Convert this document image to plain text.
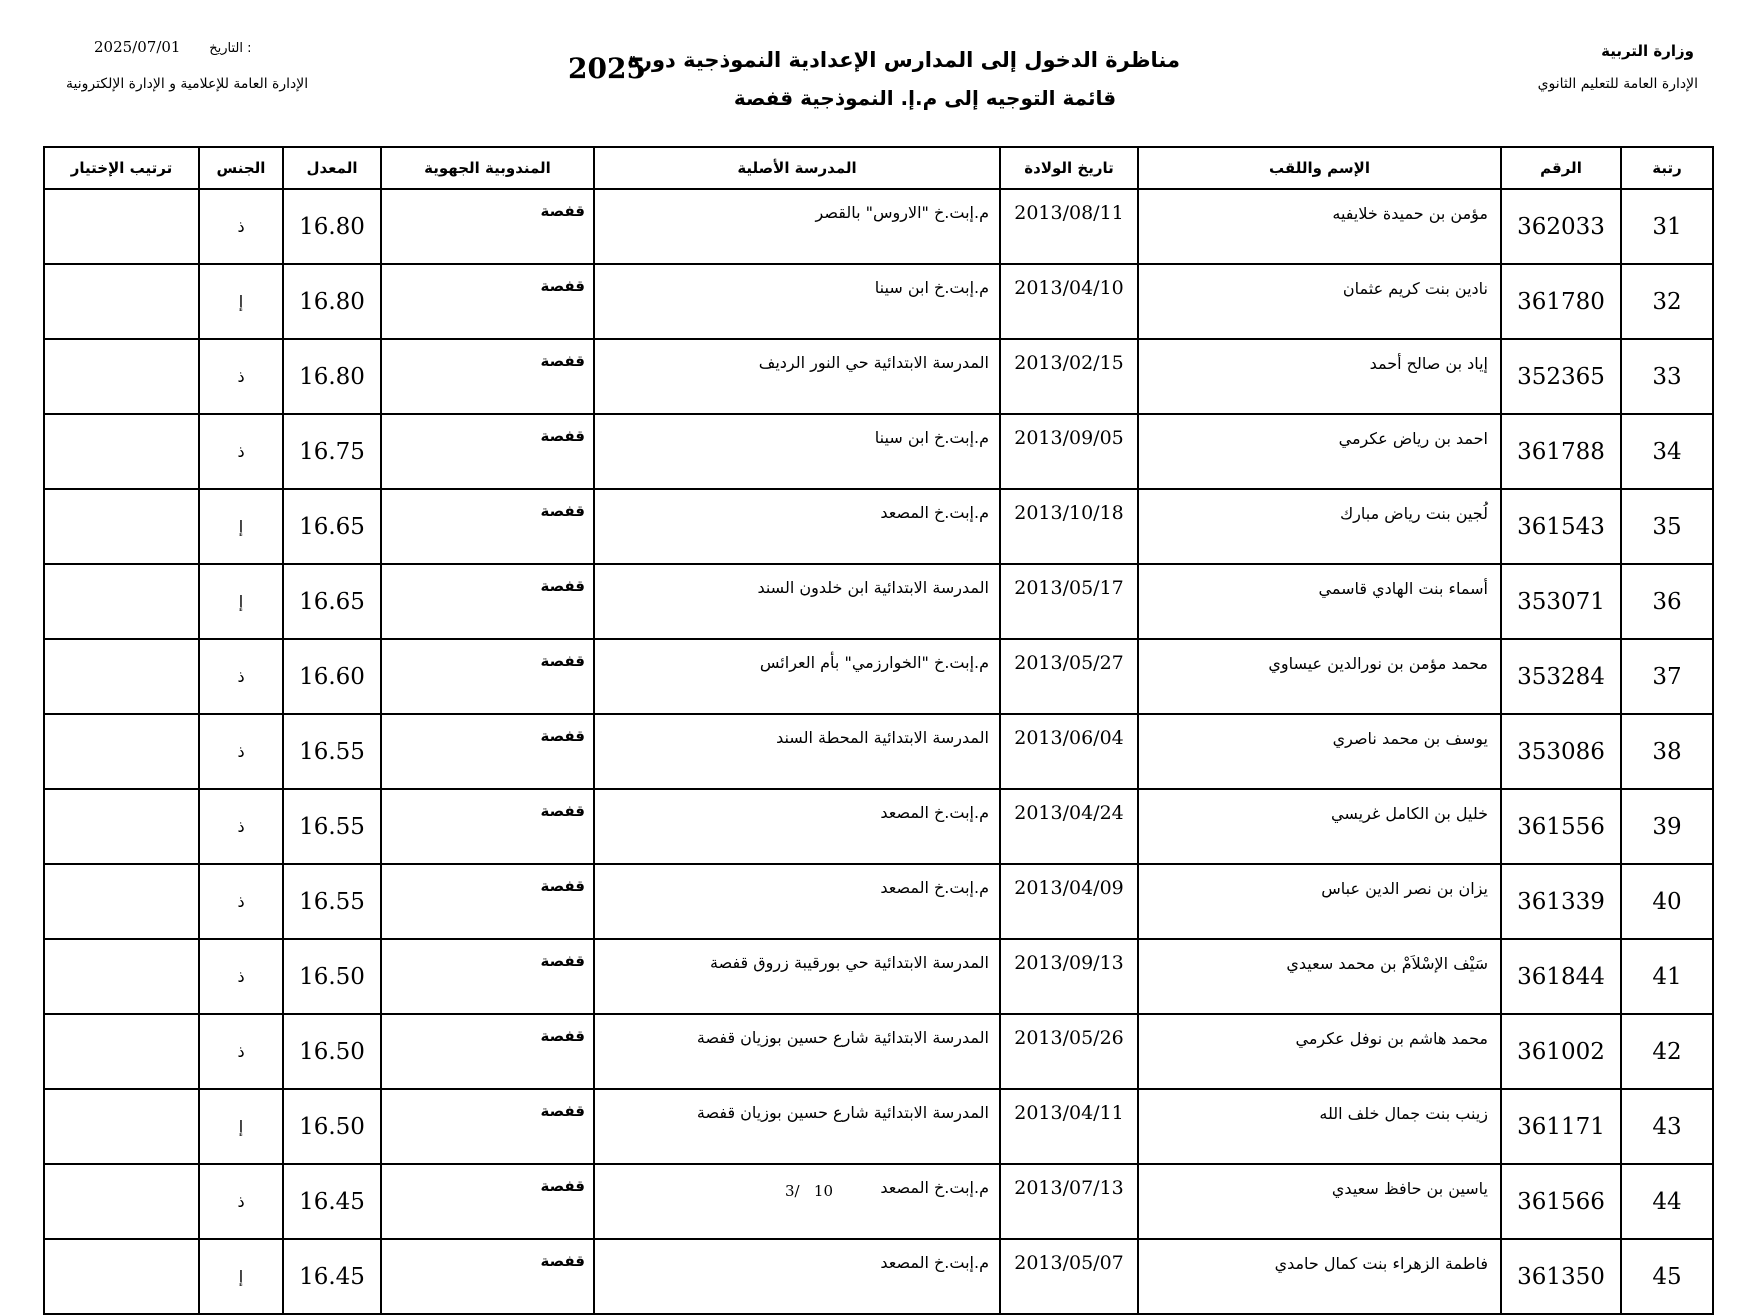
وزارة التربية
الإدارة العامة للتعليم الثانوي
2025/07/01 التاريخ :
الإدارة العامة للإعلامية و الإدارة الإلكترونية
مناظرة الدخول إلى المدارس الإعدادية النموذجية دورة
2025
قائمة التوجيه إلى م.إ. النموذجية قفصة
رتبة	الرقم	الإسم واللقب	تاريخ الولادة	المدرسة الأصلية	المندوبية الجهوية	المعدل	الجنس	ترتيب الإختيار
31	362033	مؤمن بن حميدة خلايفيه	2013/08/11	م.إبت.خ "الاروس" بالقصر	قفصة	16.80	ذ	
32	361780	نادين بنت كريم عثمان	2013/04/10	م.إبت.خ ابن سينا	قفصة	16.80	إ	
33	352365	إياد بن صالح أحمد	2013/02/15	المدرسة الابتدائية حي النور الرديف	قفصة	16.80	ذ	
34	361788	احمد بن رياض عكرمي	2013/09/05	م.إبت.خ ابن سينا	قفصة	16.75	ذ	
35	361543	لُجين بنت رياض مبارك	2013/10/18	م.إبت.خ المصعد	قفصة	16.65	إ	
36	353071	أسماء بنت الهادي قاسمي	2013/05/17	المدرسة الابتدائية ابن خلدون السند	قفصة	16.65	إ	
37	353284	محمد مؤمن بن نورالدين عيساوي	2013/05/27	م.إبت.خ "الخوارزمي" بأم العرائس	قفصة	16.60	ذ	
38	353086	يوسف بن محمد ناصري	2013/06/04	المدرسة الابتدائية المحطة السند	قفصة	16.55	ذ	
39	361556	خليل بن الكامل غريسي	2013/04/24	م.إبت.خ المصعد	قفصة	16.55	ذ	
40	361339	يزان بن نصر الدين عباس	2013/04/09	م.إبت.خ المصعد	قفصة	16.55	ذ	
41	361844	سَيْف الإسْلاَمْ بن محمد سعيدي	2013/09/13	المدرسة الابتدائية حي بورقيبة زروق قفصة	قفصة	16.50	ذ	
42	361002	محمد هاشم بن نوفل عكرمي	2013/05/26	المدرسة الابتدائية شارع حسين بوزيان قفصة	قفصة	16.50	ذ	
43	361171	زينب بنت جمال خلف الله	2013/04/11	المدرسة الابتدائية شارع حسين بوزيان قفصة	قفصة	16.50	إ	
44	361566	ياسين بن حافظ سعيدي	2013/07/13	م.إبت.خ المصعد	قفصة	16.45	ذ	
45	361350	فاطمة الزهراء بنت كمال حامدي	2013/05/07	م.إبت.خ المصعد	قفصة	16.45	إ	
3/ 10
